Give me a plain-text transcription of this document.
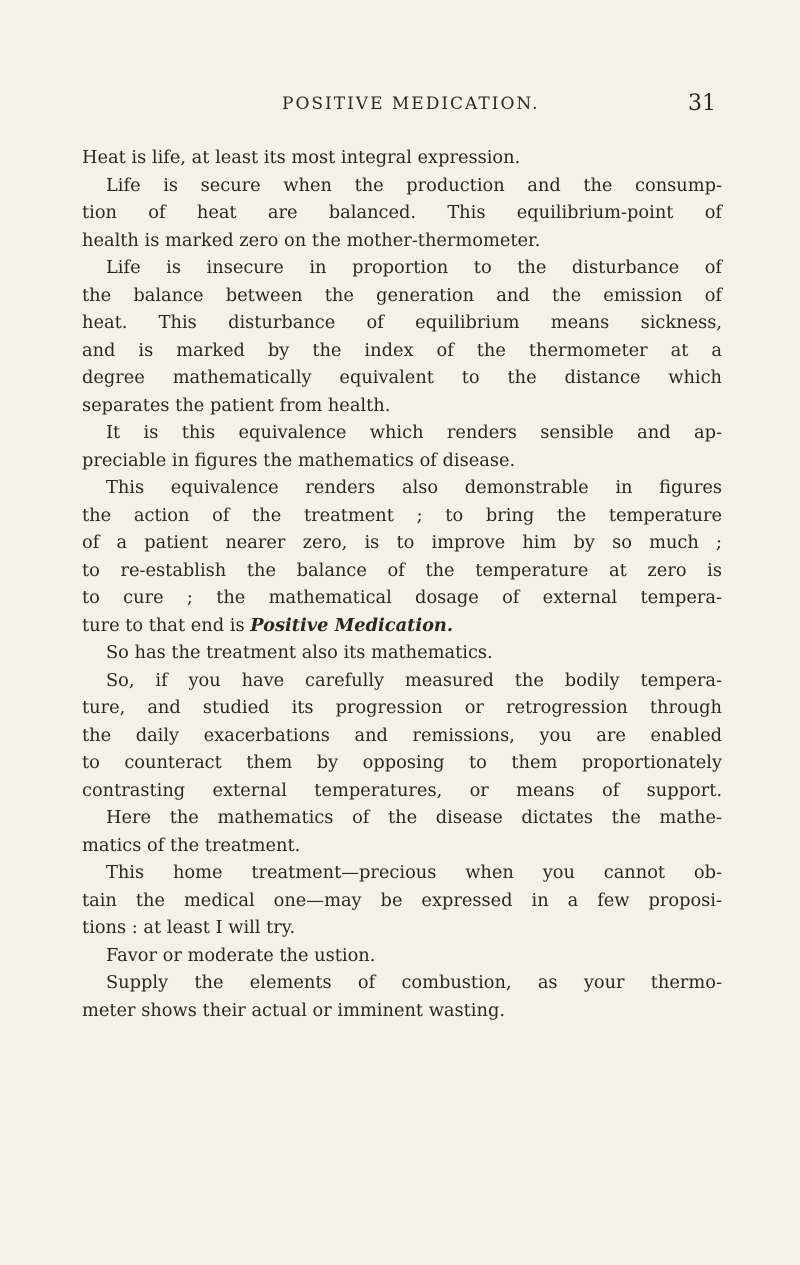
POSITIVE MEDICATION.	31
Heat is life, at least its most integral expression.
Life is secure when the production and the consump-
tion of heat are balanced. This equilibrium-point of
health is marked zero on the mother-thermometer.
Life is insecure in proportion to the disturbance of
the balance between the generation and the emission of
heat. This disturbance of equilibrium means sickness,
and is marked by the index of the thermometer at a
degree mathematically equivalent to the distance which
separates the patient from health.
It is this equivalence which renders sensible and ap-
preciable in figures the mathematics of disease.
This equivalence renders also demonstrable in figures
the action of the treatment ; to bring the temperature
of a patient nearer zero, is to improve him by so much ;
to re-establish the balance of the temperature at zero is
to cure ; the mathematical dosage of external tempera-
ture to that end is Positive Medication.
So has the treatment also its mathematics.
So, if you have carefully measured the bodily tempera-
ture, and studied its progression or retrogression through
the daily exacerbations and remissions, you are enabled
to counteract them by opposing to them proportionately
contrasting external temperatures, or means of support.
Here the mathematics of the disease dictates the mathe-
matics of the treatment.
This home treatment—precious when you cannot ob-
tain the medical one—may be expressed in a few proposi-
tions : at least I will try.
Favor or moderate the ustion.
Supply the elements of combustion, as your thermo-
meter shows their actual or imminent wasting.
